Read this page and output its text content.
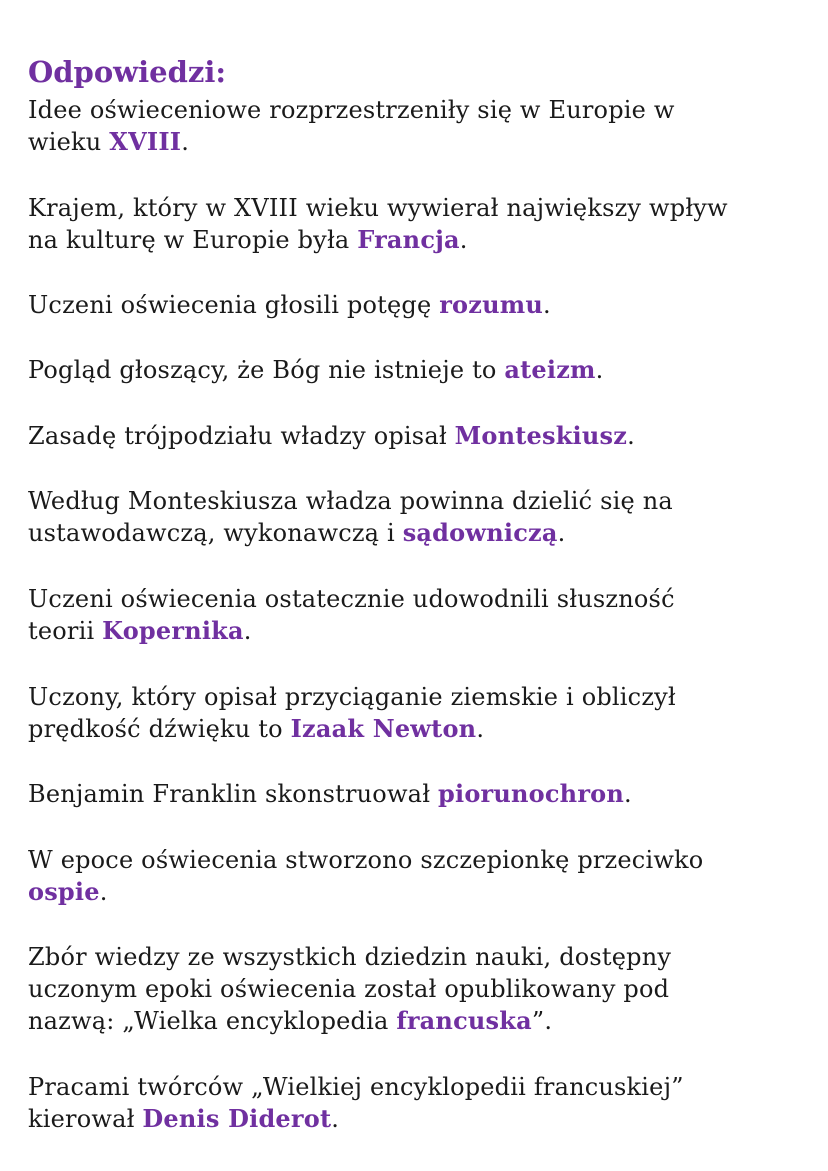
Odpowiedzi:

Idee oświeceniowe rozprzestrzeniły się w Europie w
wieku XVIII.

Krajem, który w XVIII wieku wywierał największy wpływ
na kulturę w Europie była Francja.

Uczeni oświecenia głosili potęgę rozumu.

Pogląd głoszący, że Bóg nie istnieje to ateizm.

Zasadę trójpodziału władzy opisał Monteskiusz.

Według Monteskiusza władza powinna dzielić się na
ustawodawczą, wykonawczą i sądowniczą.

Uczeni oświecenia ostatecznie udowodnili słuszność
teorii Kopernika.

Uczony, który opisał przyciąganie ziemskie i obliczył
prędkość dźwięku to Izaak Newton.

Benjamin Franklin skonstruował piorunochron.

W epoce oświecenia stworzono szczepionkę przeciwko
ospie.

Zbór wiedzy ze wszystkich dziedzin nauki, dostępny
uczonym epoki oświecenia został opublikowany pod
nazwą: „Wielka encyklopedia francuska”.

Pracami twórców „Wielkiej encyklopedii francuskiej”
kierował Denis Diderot.
